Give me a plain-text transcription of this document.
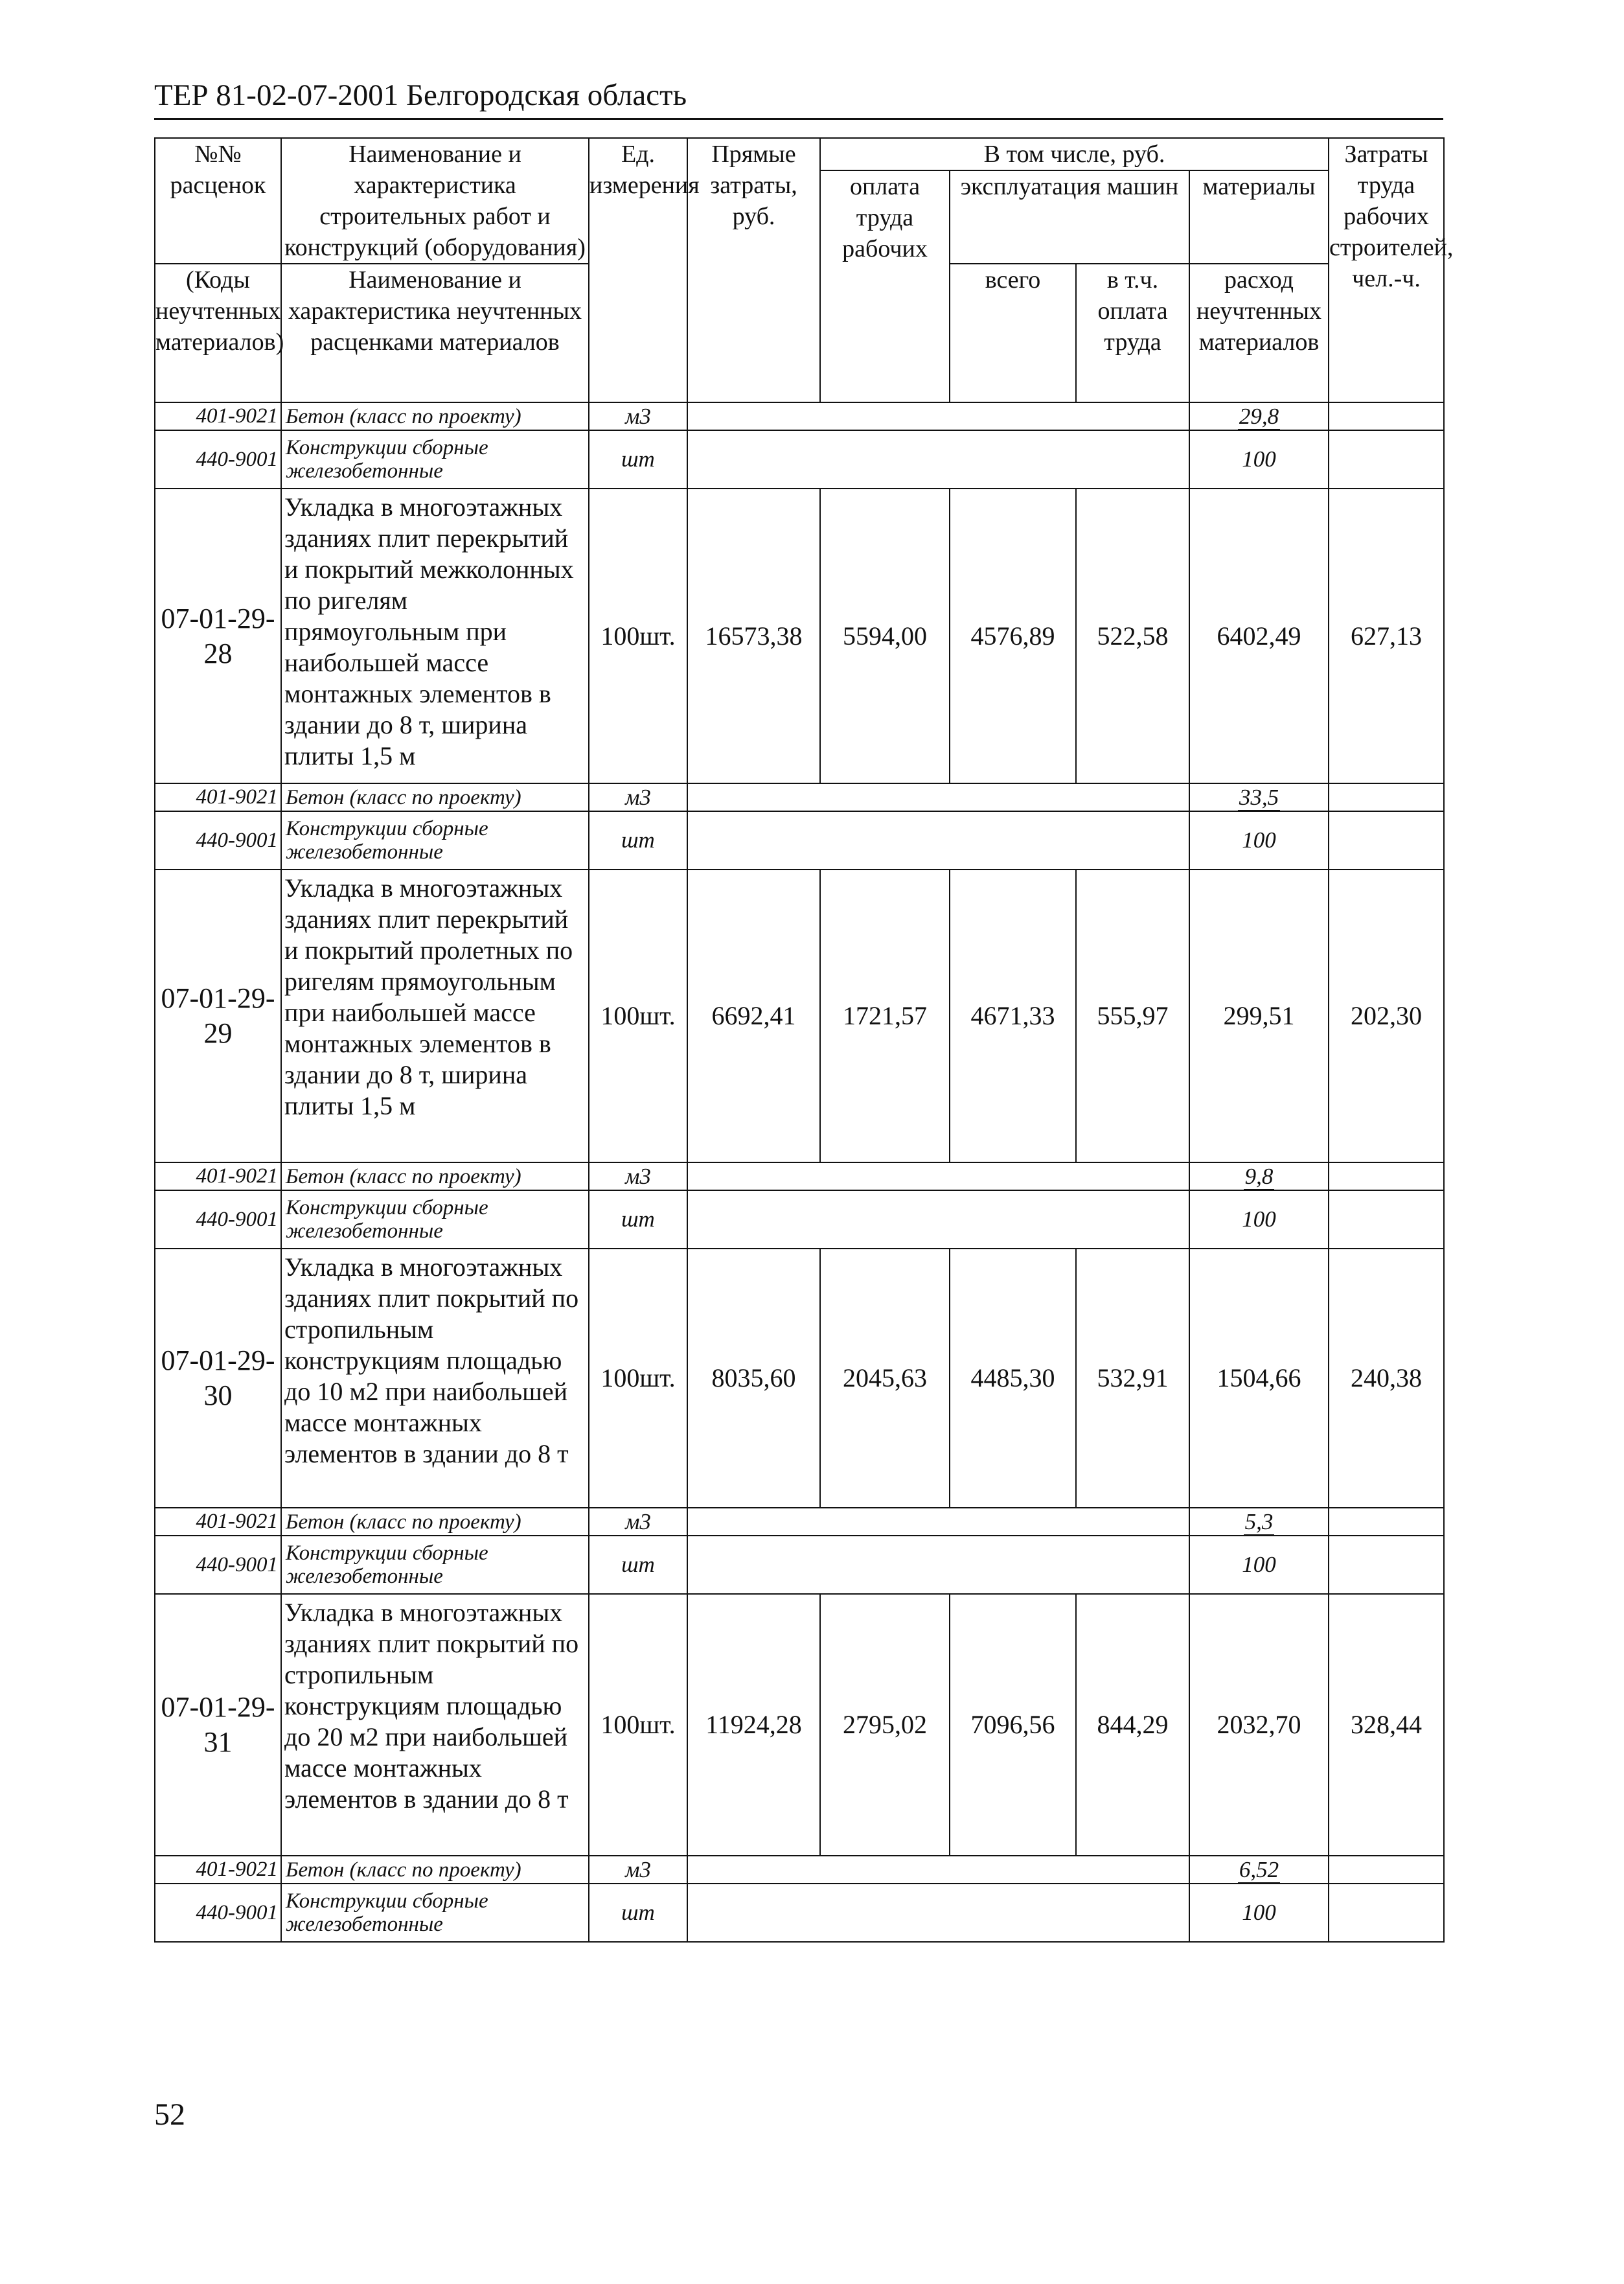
ТЕР 81-02-07-2001 Белгородская область
№№ расценок	Наименование и характеристика строительных работ и конструкций (оборудования)	Ед. измерения	Прямые затраты, руб.	В том числе, руб.				Затраты труда рабочих строителей, чел.-ч.
				оплата труда рабочих	эксплуатация машин		материалы	
(Коды неучтенных материалов)	Наименование и характеристика неучтенных расценками материалов				всего	в т.ч. оплата труда	расход неучтенных материалов	

401-9021	Бетон (класс по проекту)	м3					29,8	
440-9001	Конструкции сборные железобетонные	шт					100	
07-01-29-28	Укладка в многоэтажных зданиях плит перекрытий и покрытий межколонных по ригелям прямоугольным при наибольшей массе монтажных элементов в здании до 8 т, ширина плиты 1,5 м	100шт.	16573,38	5594,00	4576,89	522,58	6402,49	627,13
401-9021	Бетон (класс по проекту)	м3					33,5	
440-9001	Конструкции сборные железобетонные	шт					100	
07-01-29-29	Укладка в многоэтажных зданиях плит перекрытий и покрытий пролетных по ригелям прямоугольным при наибольшей массе монтажных элементов в здании до 8 т, ширина плиты 1,5 м	100шт.	6692,41	1721,57	4671,33	555,97	299,51	202,30
401-9021	Бетон (класс по проекту)	м3					9,8	
440-9001	Конструкции сборные железобетонные	шт					100	
07-01-29-30	Укладка в многоэтажных зданиях плит покрытий по стропильным конструкциям площадью до 10 м2 при наибольшей массе монтажных элементов в здании до 8 т	100шт.	8035,60	2045,63	4485,30	532,91	1504,66	240,38
401-9021	Бетон (класс по проекту)	м3					5,3	
440-9001	Конструкции сборные железобетонные	шт					100	
07-01-29-31	Укладка в многоэтажных зданиях плит покрытий по стропильным конструкциям площадью до 20 м2 при наибольшей массе монтажных элементов в здании до 8 т	100шт.	11924,28	2795,02	7096,56	844,29	2032,70	328,44
401-9021	Бетон (класс по проекту)	м3					6,52	
440-9001	Конструкции сборные железобетонные	шт					100	
52
